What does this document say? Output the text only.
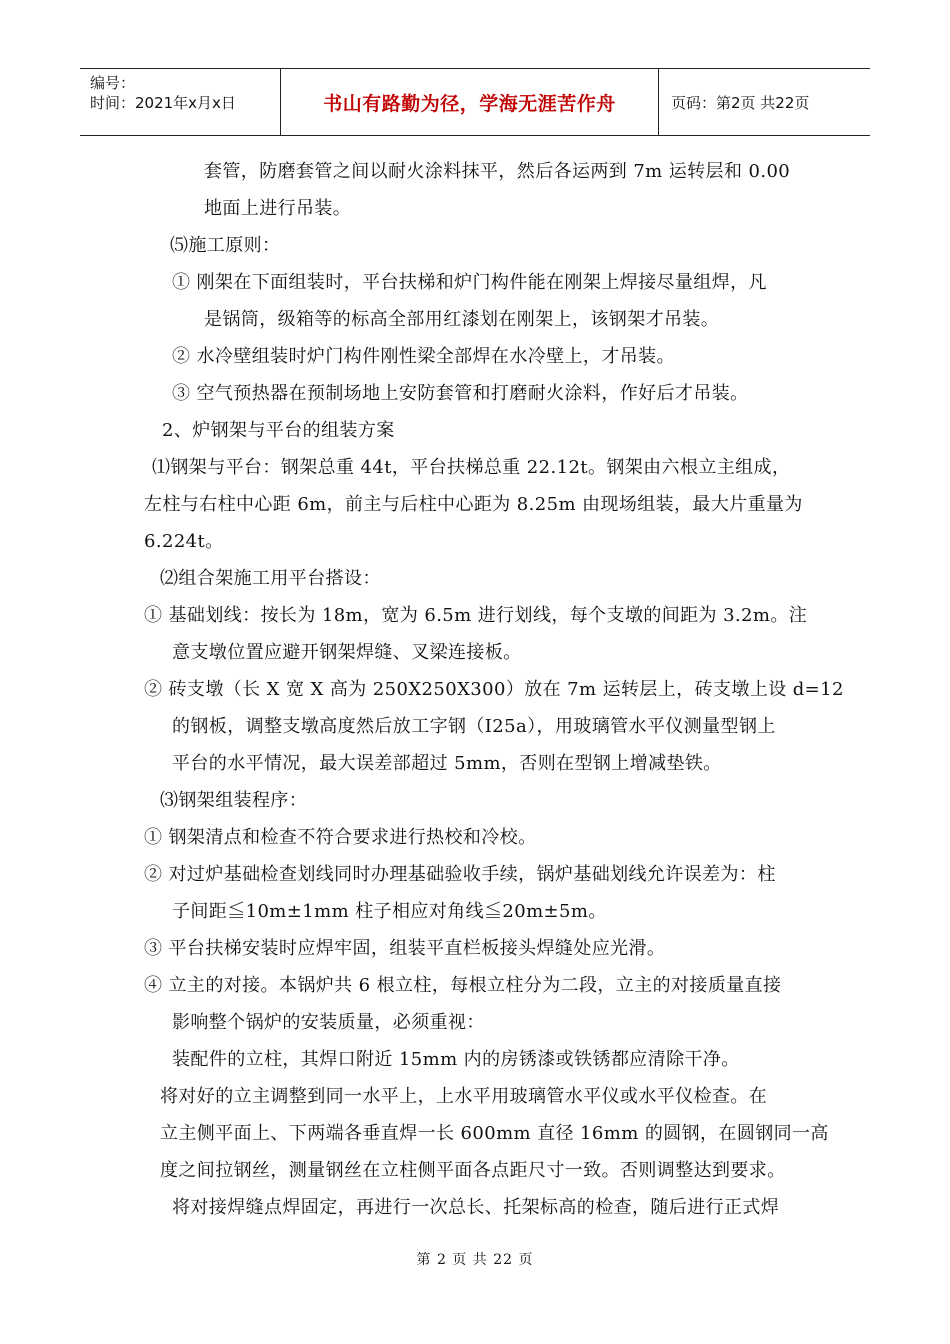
编号：
时间：2021年x月x日	书山有路勤为径，学海无涯苦作舟	页码：第2页 共22页
套管，防磨套管之间以耐火涂料抹平，然后各运两到 7m 运转层和 0.00
地面上进行吊装。
⑸施工原则：
① 刚架在下面组装时，平台扶梯和炉门构件能在刚架上焊接尽量组焊，凡
是锅筒，级箱等的标高全部用红漆划在刚架上，该钢架才吊装。
② 水冷壁组装时炉门构件刚性梁全部焊在水冷壁上，才吊装。
③ 空气预热器在预制场地上安防套管和打磨耐火涂料，作好后才吊装。
2、炉钢架与平台的组装方案
⑴钢架与平台：钢架总重 44t，平台扶梯总重 22.12t。钢架由六根立主组成，
左柱与右柱中心距 6m，前主与后柱中心距为 8.25m 由现场组装，最大片重量为
6.224t。
⑵组合架施工用平台搭设：
① 基础划线：按长为 18m，宽为 6.5m 进行划线，每个支墩的间距为 3.2m。注
意支墩位置应避开钢架焊缝、叉梁连接板。
② 砖支墩（长 X 宽 X 高为 250X250X300）放在 7m 运转层上，砖支墩上设 d=12
的钢板，调整支墩高度然后放工字钢（I25a），用玻璃管水平仪测量型钢上
平台的水平情况，最大误差部超过 5mm，否则在型钢上增减垫铁。
⑶钢架组装程序：
① 钢架清点和检查不符合要求进行热校和冷校。
② 对过炉基础检查划线同时办理基础验收手续，锅炉基础划线允许误差为：柱
子间距≦10m±1mm 柱子相应对角线≦20m±5m。
③ 平台扶梯安装时应焊牢固，组装平直栏板接头焊缝处应光滑。
④ 立主的对接。本锅炉共 6 根立柱，每根立柱分为二段，立主的对接质量直接
影响整个锅炉的安装质量，必须重视：
装配件的立柱，其焊口附近 15mm 内的房锈漆或铁锈都应清除干净。
将对好的立主调整到同一水平上，上水平用玻璃管水平仪或水平仪检查。在
立主侧平面上、下两端各垂直焊一长 600mm 直径 16mm 的圆钢，在圆钢同一高
度之间拉钢丝，测量钢丝在立柱侧平面各点距尺寸一致。否则调整达到要求。
将对接焊缝点焊固定，再进行一次总长、托架标高的检查，随后进行正式焊
第 2 页 共 22 页
